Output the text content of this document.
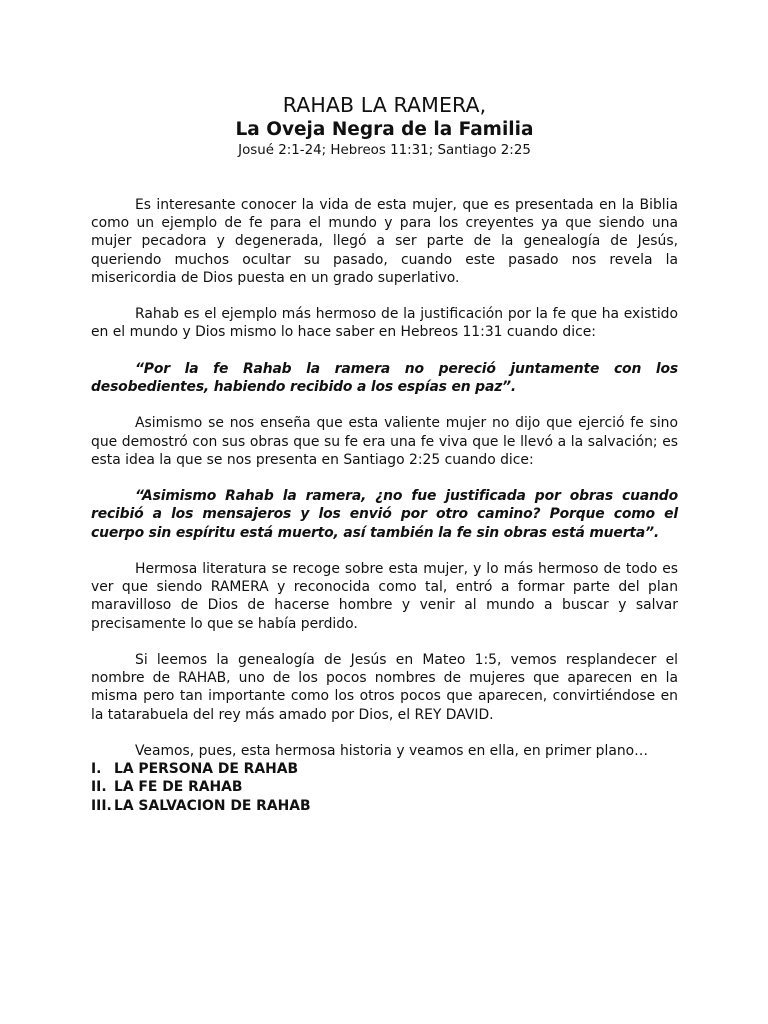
RAHAB LA RAMERA,
La Oveja Negra de la Familia

Josué 2:1-24; Hebreos 11:31; Santiago 2:25

Es interesante conocer la vida de esta mujer, que es presentada en la Biblia como un ejemplo de fe para el mundo y para los creyentes ya que siendo una mujer pecadora y degenerada, llegó a ser parte de la genealogía de Jesús, queriendo muchos ocultar su pasado, cuando este pasado nos revela la misericordia de Dios puesta en un grado superlativo.

Rahab es el ejemplo más hermoso de la justificación por la fe que ha existido en el mundo y Dios mismo lo hace saber en Hebreos 11:31 cuando dice:

“Por la fe Rahab la ramera no pereció juntamente con los desobedientes, habiendo recibido a los espías en paz”.

Asimismo se nos enseña que esta valiente mujer no dijo que ejerció fe sino que demostró con sus obras que su fe era una fe viva que le llevó a la salvación; es esta idea la que se nos presenta en Santiago 2:25 cuando dice:

“Asimismo Rahab la ramera, ¿no fue justificada por obras cuando recibió a los mensajeros y los envió por otro camino? Porque como el cuerpo sin espíritu está muerto, así también la fe sin obras está muerta”.

Hermosa literatura se recoge sobre esta mujer, y lo más hermoso de todo es ver que siendo RAMERA y reconocida como tal, entró a formar parte del plan maravilloso de Dios de hacerse hombre y venir al mundo a buscar y salvar precisamente lo que se había perdido.

Si leemos la genealogía de Jesús en Mateo 1:5, vemos resplandecer el nombre de RAHAB, uno de los pocos nombres de mujeres que aparecen en la misma pero tan importante como los otros pocos que aparecen, convirtiéndose en la tatarabuela del rey más amado por Dios, el REY DAVID.

Veamos, pues, esta hermosa historia y veamos en ella, en primer plano…

I. LA PERSONA DE RAHAB
II. LA FE DE RAHAB
III. LA SALVACION DE RAHAB
